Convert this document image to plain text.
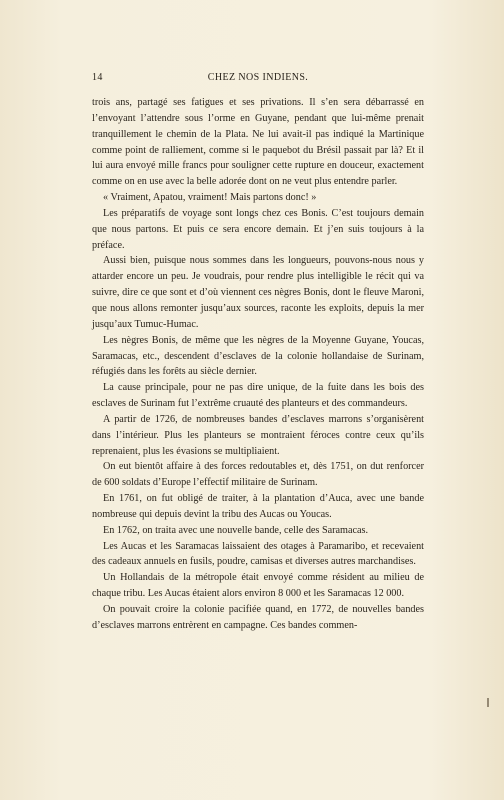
14	CHEZ NOS INDIENS.

trois ans, partagé ses fatigues et ses privations. Il s’en sera débarrassé en l’envoyant l’attendre sous l’orme en Guyane, pendant que lui-même prenait tranquillement le chemin de la Plata. Ne lui avait-il pas indiqué la Martinique comme point de ralliement, comme si le paquebot du Brésil passait par là? Et il lui aura envoyé mille francs pour souligner cette rupture en douceur, exactement comme on en use avec la belle adorée dont on ne veut plus entendre parler.

« Vraiment, Apatou, vraiment! Mais partons donc! »

Les préparatifs de voyage sont longs chez ces Bonis. C’est toujours demain que nous partons. Et puis ce sera encore demain. Et j’en suis toujours à la préface.

Aussi bien, puisque nous sommes dans les longueurs, pouvons-nous nous y attarder encore un peu. Je voudrais, pour rendre plus intelligible le récit qui va suivre, dire ce que sont et d’où viennent ces nègres Bonis, dont le fleuve Maroni, que nous allons remonter jusqu’aux sources, raconte les exploits, depuis la mer jusqu’aux Tumuc-Humac.

Les nègres Bonis, de même que les nègres de la Moyenne Guyane, Youcas, Saramacas, etc., descendent d’esclaves de la colonie hollandaise de Surinam, réfugiés dans les forêts au siècle dernier.

La cause principale, pour ne pas dire unique, de la fuite dans les bois des esclaves de Surinam fut l’extrême cruauté des planteurs et des commandeurs.

A partir de 1726, de nombreuses bandes d’esclaves marrons s’organisèrent dans l’intérieur. Plus les planteurs se montraient féroces contre ceux qu’ils reprenaient, plus les évasions se multipliaient.

On eut bientôt affaire à des forces redoutables et, dès 1751, on dut renforcer de 600 soldats d’Europe l’effectif militaire de Surinam.

En 1761, on fut obligé de traiter, à la plantation d’Auca, avec une bande nombreuse qui depuis devint la tribu des Aucas ou Youcas.

En 1762, on traita avec une nouvelle bande, celle des Saramacas.

Les Aucas et les Saramacas laissaient des otages à Paramaribo, et recevaient des cadeaux annuels en fusils, poudre, camisas et diverses autres marchandises.

Un Hollandais de la métropole était envoyé comme résident au milieu de chaque tribu. Les Aucas étaient alors environ 8 000 et les Saramacas 12 000.

On pouvait croire la colonie pacifiée quand, en 1772, de nouvelles bandes d’esclaves marrons entrèrent en campagne. Ces bandes commen-
